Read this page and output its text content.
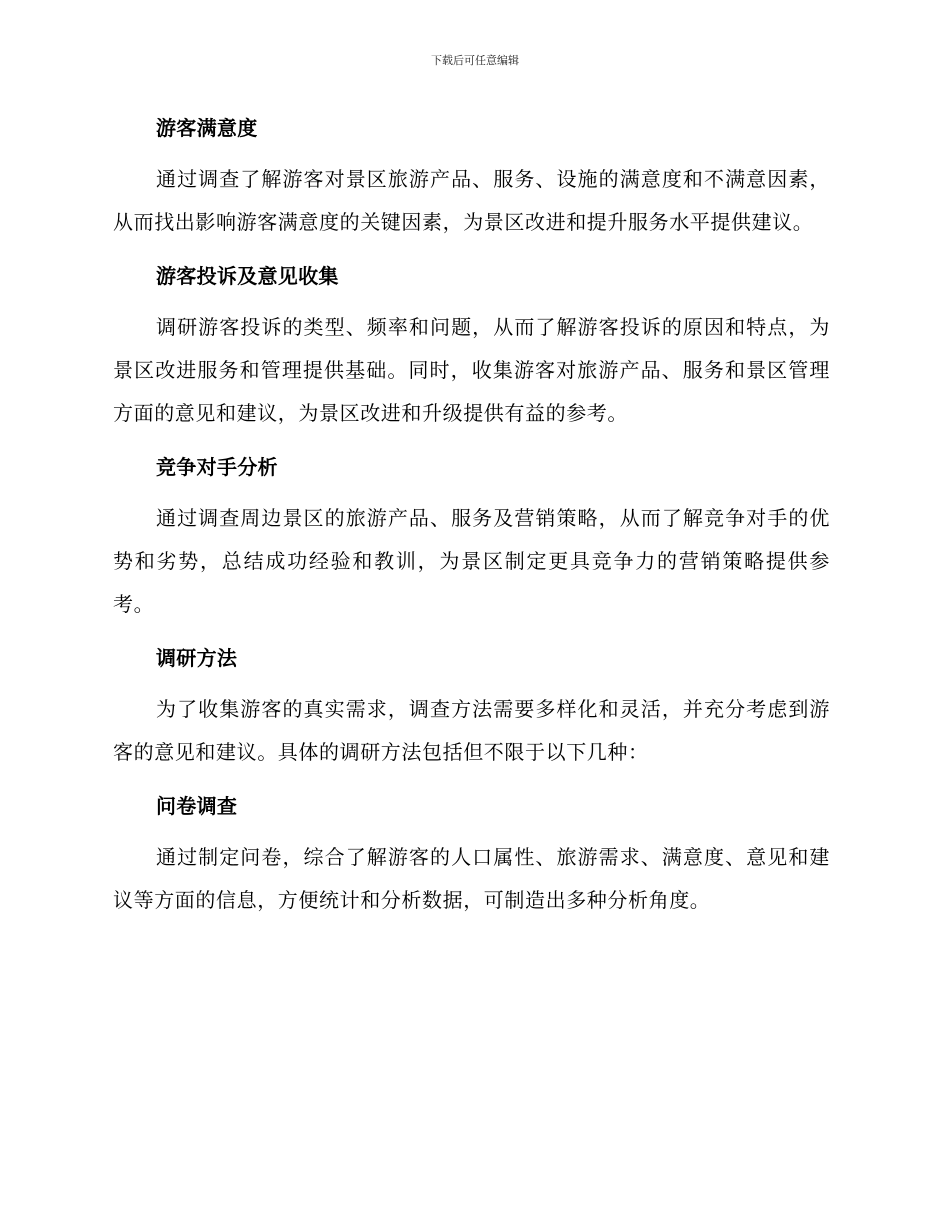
下载后可任意编辑
游客满意度

通过调查了解游客对景区旅游产品、服务、设施的满意度和不满意因素，从而找出影响游客满意度的关键因素，为景区改进和提升服务水平提供建议。

游客投诉及意见收集

调研游客投诉的类型、频率和问题，从而了解游客投诉的原因和特点，为景区改进服务和管理提供基础。同时，收集游客对旅游产品、服务和景区管理方面的意见和建议，为景区改进和升级提供有益的参考。

竞争对手分析

通过调查周边景区的旅游产品、服务及营销策略，从而了解竞争对手的优势和劣势，总结成功经验和教训，为景区制定更具竞争力的营销策略提供参考。

调研方法

为了收集游客的真实需求，调查方法需要多样化和灵活，并充分考虑到游客的意见和建议。具体的调研方法包括但不限于以下几种：

问卷调查

通过制定问卷，综合了解游客的人口属性、旅游需求、满意度、意见和建议等方面的信息，方便统计和分析数据，可制造出多种分析角度。
